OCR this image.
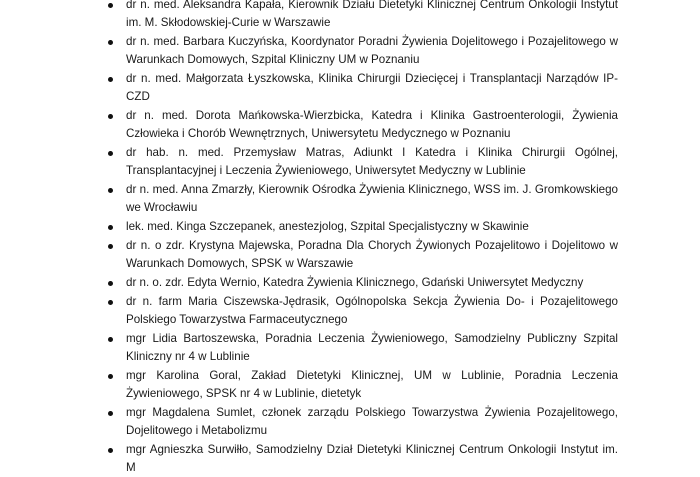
dr n. med. Aleksandra Kapała, Kierownik Działu Dietetyki Klinicznej Centrum Onkologii Instytut im. M. Skłodowskiej-Curie w Warszawie
dr n. med. Barbara Kuczyńska, Koordynator Poradni Żywienia Dojelitowego i Pozajelitowego w Warunkach Domowych, Szpital Kliniczny UM w Poznaniu
dr n. med. Małgorzata Łyszkowska, Klinika Chirurgii Dziecięcej i Transplantacji Narządów IP-CZD
dr n. med. Dorota Mańkowska-Wierzbicka, Katedra i Klinika Gastroenterologii, Żywienia Człowieka i Chorób Wewnętrznych, Uniwersytetu Medycznego w Poznaniu
dr hab. n. med. Przemysław Matras, Adiunkt I Katedra i Klinika Chirurgii Ogólnej, Transplantacyjnej i Leczenia Żywieniowego, Uniwersytet Medyczny w Lublinie
dr n. med. Anna Zmarzły, Kierownik Ośrodka Żywienia Klinicznego, WSS im. J. Gromkowskiego we Wrocławiu
lek. med. Kinga Szczepanek, anestezjolog, Szpital Specjalistyczny w Skawinie
dr n. o zdr. Krystyna Majewska, Poradna Dla Chorych Żywionych Pozajelitowo i Dojelitowo w Warunkach Domowych, SPSK w Warszawie
dr n. o. zdr. Edyta Wernio, Katedra Żywienia Klinicznego, Gdański Uniwersytet Medyczny
dr n. farm Maria Ciszewska-Jędrasik, Ogólnopolska Sekcja Żywienia Do- i Pozajelitowego Polskiego Towarzystwa Farmaceutycznego
mgr Lidia Bartoszewska, Poradnia Leczenia Żywieniowego, Samodzielny Publiczny Szpital Kliniczny nr 4 w Lublinie
mgr Karolina Goral, Zakład Dietetyki Klinicznej, UM w Lublinie, Poradnia Leczenia Żywieniowego, SPSK nr 4 w Lublinie, dietetyk
mgr Magdalena Sumlet, członek zarządu Polskiego Towarzystwa Żywienia Pozajelitowego, Dojelitowego i Metabolizmu
mgr Agnieszka Surwiłło, Samodzielny Dział Dietetyki Klinicznej Centrum Onkologii Instytut im. M
